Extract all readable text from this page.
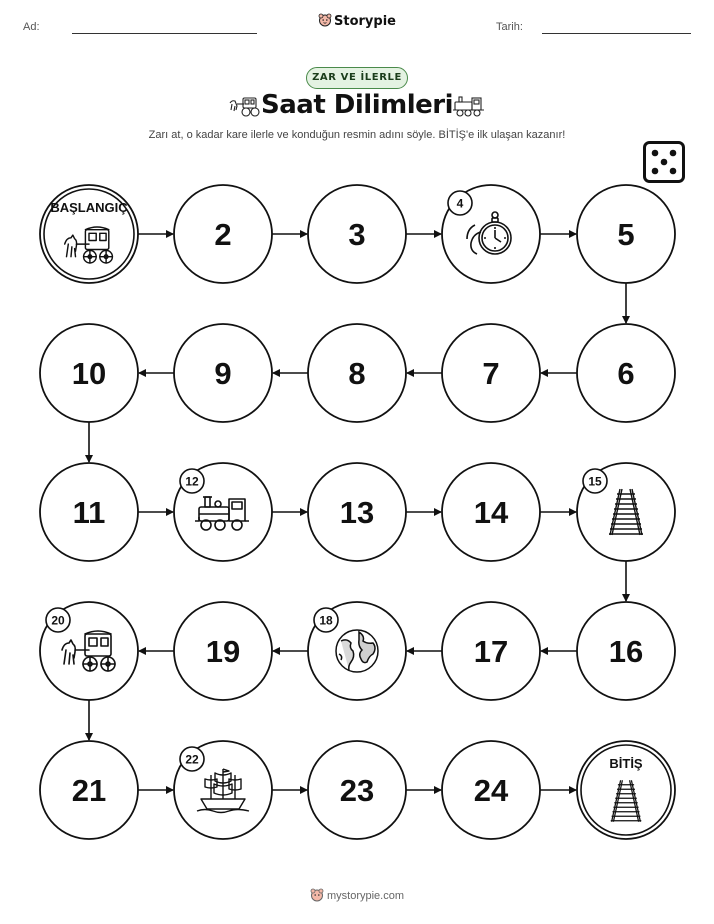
Ad:	Storypie	Tarih:
ZAR VE İLERLE
Saat Dilimleri
Zarı at, o kadar kare ilerle ve konduğun resmin adını söyle. BİTİŞ'e ilk ulaşan kazanır!
BAŞLANGIÇ
2	3
4
5
6
7
8
9
10
11
12
13	14
15
16
17
18
19
20
21
22
23	24
BİTİŞ
mystorypie.com
